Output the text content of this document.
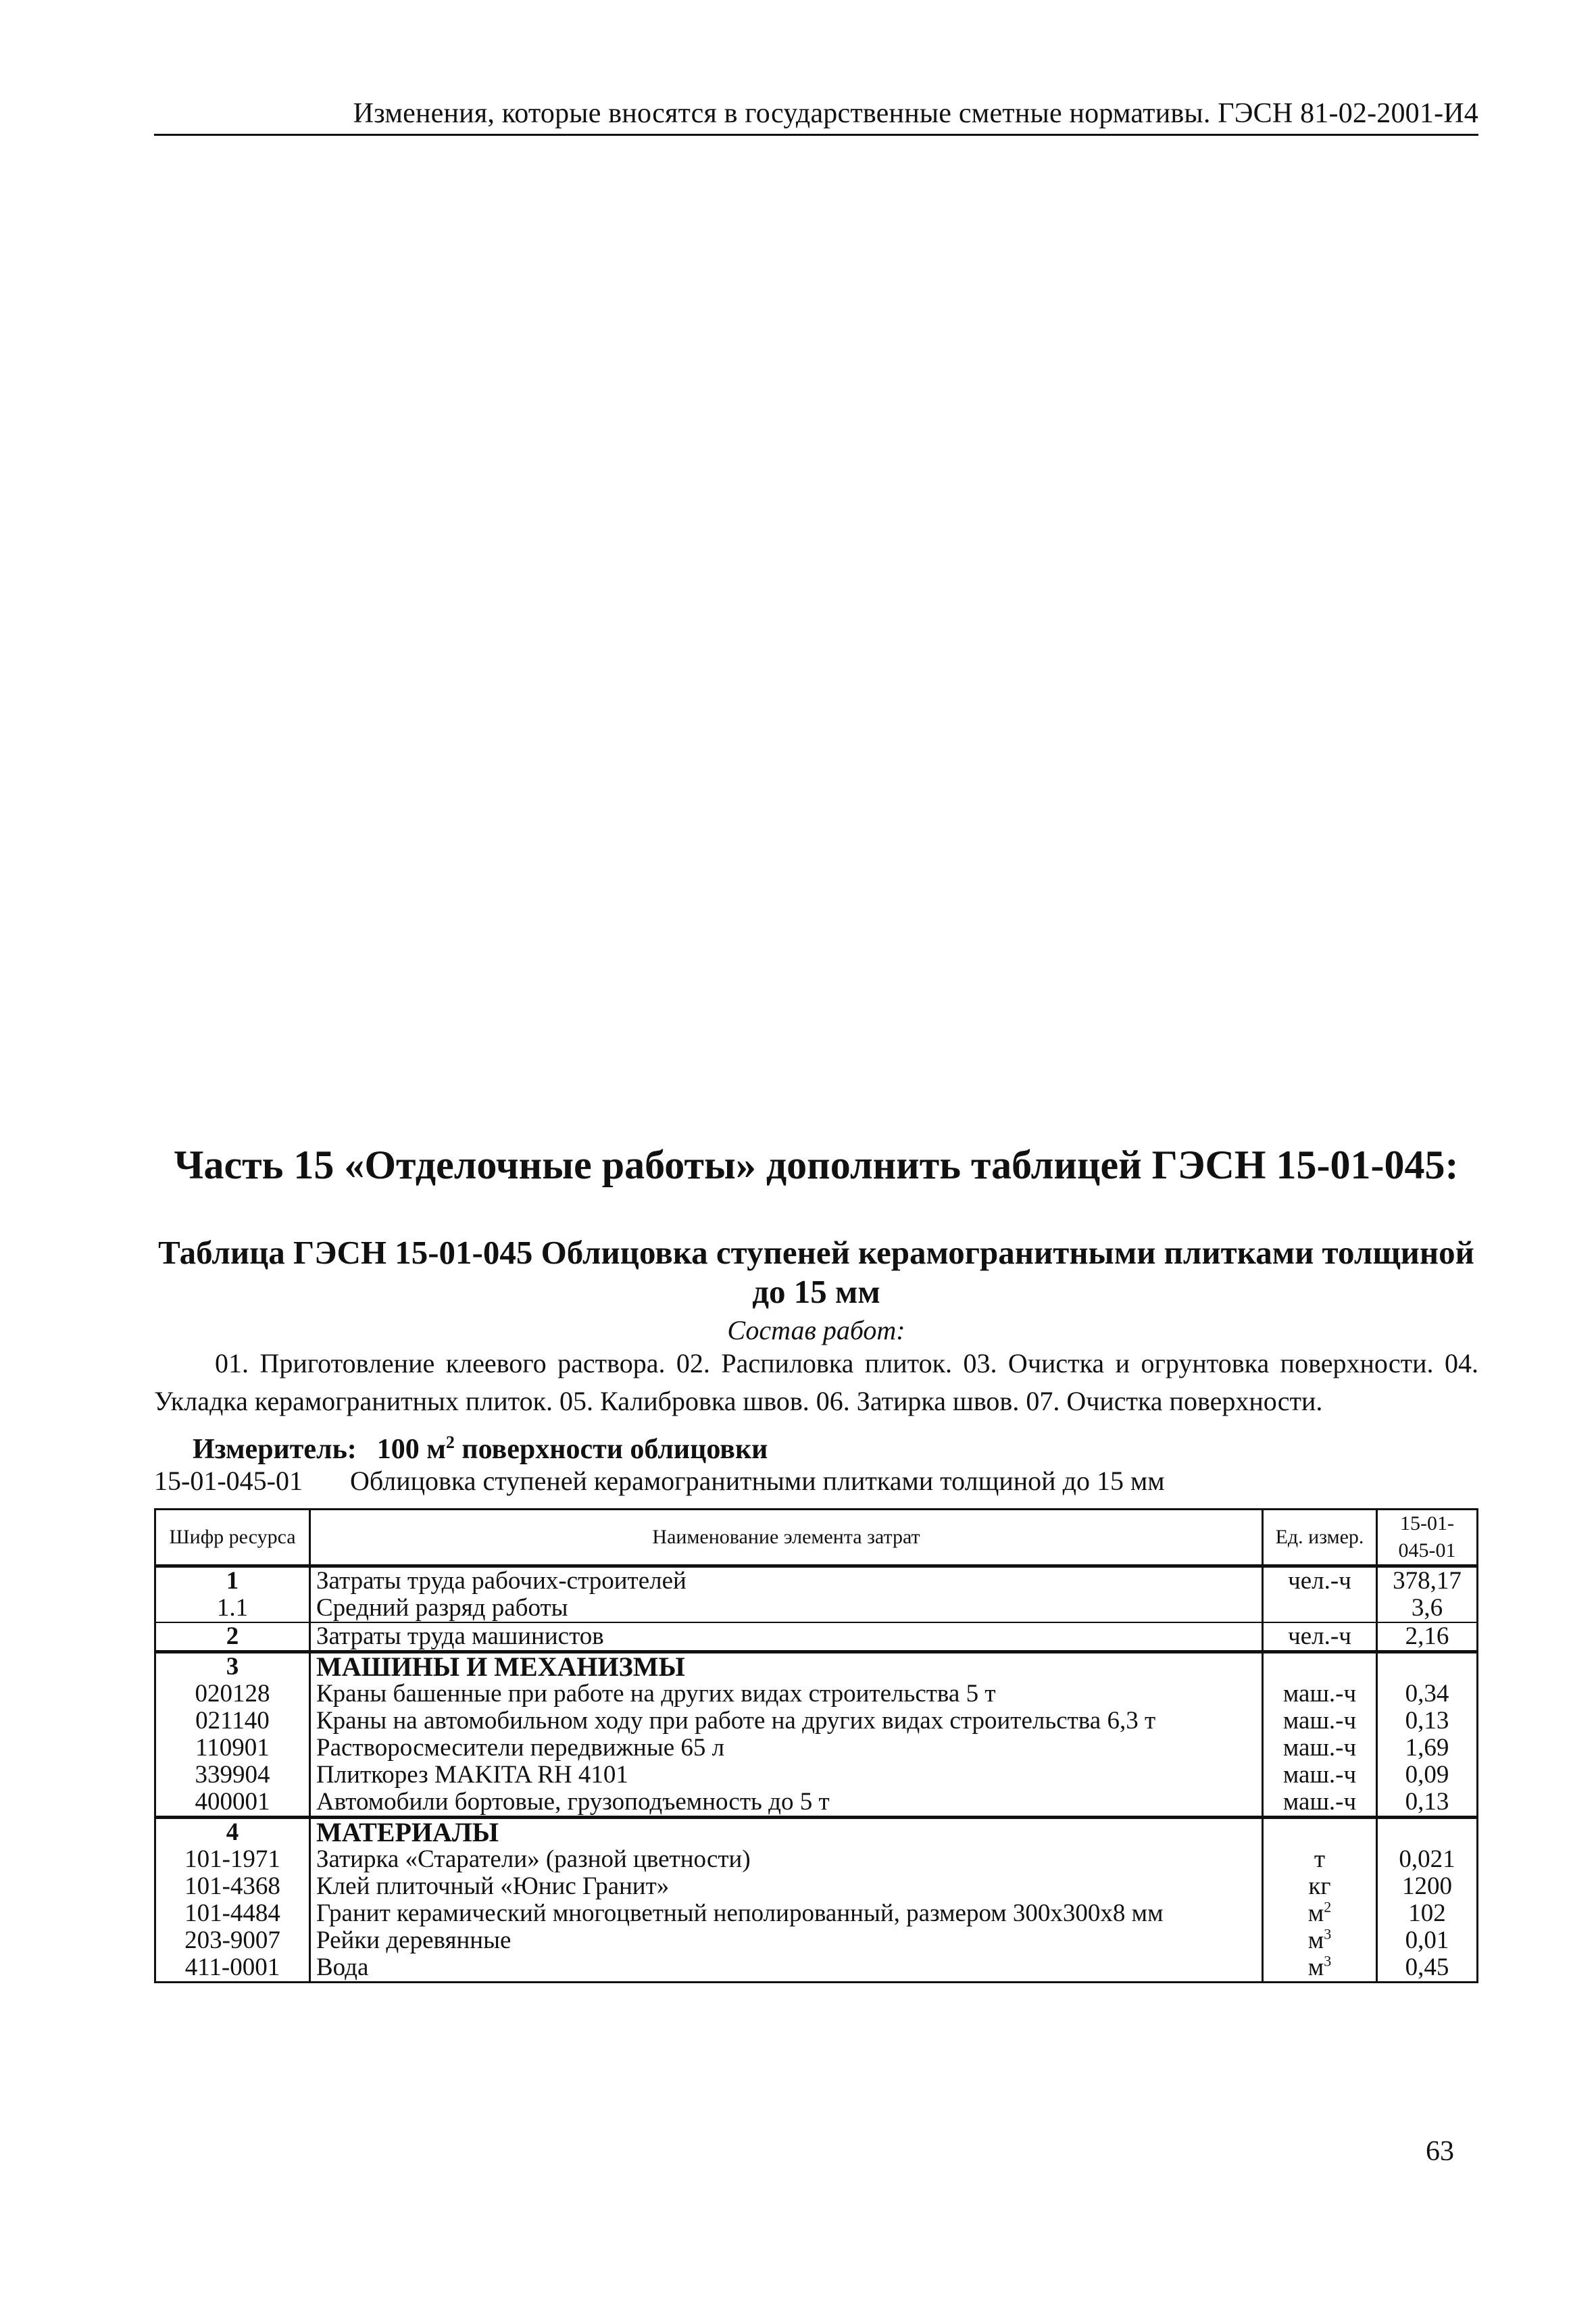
Изменения, которые вносятся в государственные сметные нормативы. ГЭСН 81-02-2001-И4
Часть 15 «Отделочные работы» дополнить таблицей ГЭСН 15-01-045:
Таблица ГЭСН 15-01-045 Облицовка ступеней керамогранитными плитками толщиной
до 15 мм
Состав работ:
01. Приготовление клеевого раствора. 02. Распиловка плиток. 03. Очистка и огрунтовка поверхности. 04. Укладка керамогранитных плиток. 05. Калибровка швов. 06. Затирка швов. 07. Очистка поверхности.
Измеритель: 100 $м^2$ поверхности облицовки
15-01-045-01 Облицовка ступеней керамогранитными плитками толщиной до 15 мм
Шифр ресурса	Наименование элемента затрат	Ед. измер.	15-01-
045-01

1	Затраты труда рабочих-строителей	чел.-ч	378,17
1.1	Средний разряд работы		3,6
2	Затраты труда машинистов	чел.-ч	2,16
3	МАШИНЫ И МЕХАНИЗМЫ		
020128	Краны башенные при работе на других видах строительства 5 т	маш.-ч	0,34
021140	Краны на автомобильном ходу при работе на других видах строительства 6,3 т	маш.-ч	0,13
110901	Растворосмесители передвижные 65 л	маш.-ч	1,69
339904	Плиткорез MAKITA RH 4101	маш.-ч	0,09
400001	Автомобили бортовые, грузоподъемность до 5 т	маш.-ч	0,13
4	МАТЕРИАЛЫ		
101-1971	Затирка «Старатели» (разной цветности)	т	0,021
101-4368	Клей плиточный «Юнис Гранит»	кг	1200
101-4484	Гранит керамический многоцветный неполированный, размером 300х300х8 мм	$м^2$	102
203-9007	Рейки деревянные	$м^3$	0,01
411-0001	Вода	$м^3$	0,45
63
